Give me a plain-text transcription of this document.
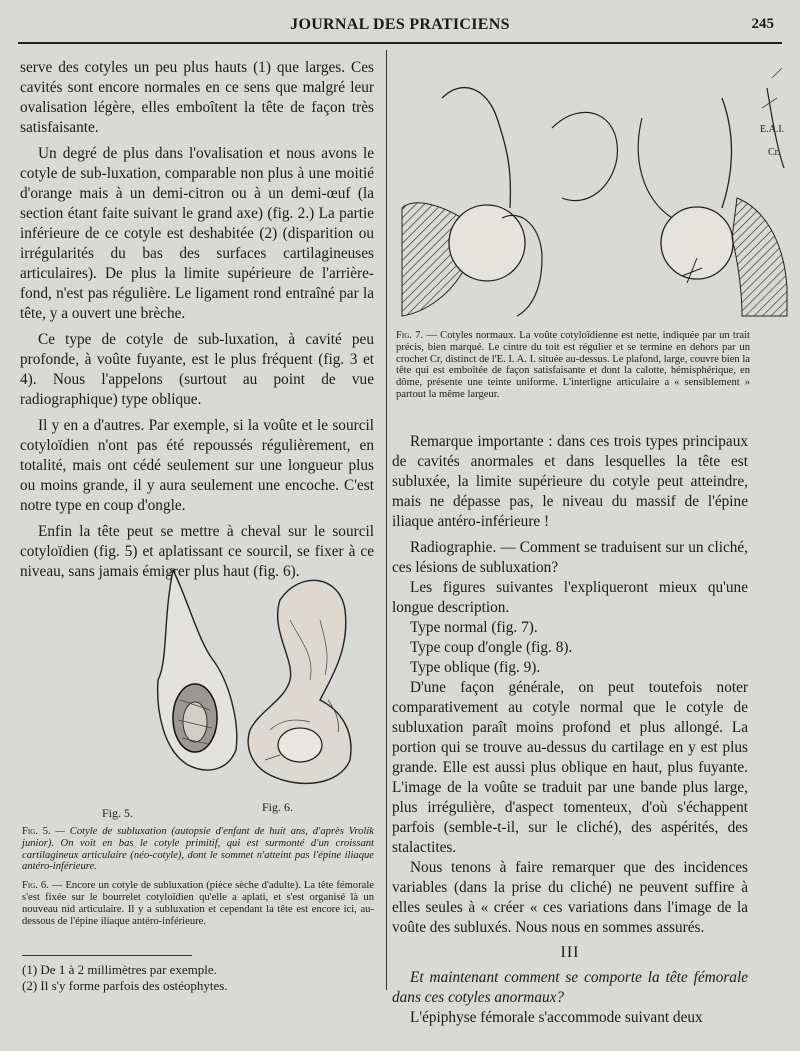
JOURNAL DES PRATICIENS	245

serve des cotyles un peu plus hauts (1) que larges. Ces cavités sont encore normales en ce sens que malgré leur ovalisation légère, elles emboîtent la tête de façon très satisfaisante.

Un degré de plus dans l'ovalisation et nous avons le cotyle de sub-luxation, comparable non plus à une moitié d'orange mais à un demi-citron ou à un demi-œuf (la section étant faite suivant le grand axe) (fig. 2.) La partie inférieure de ce cotyle est deshabitée (2) (disparition ou irrégularités du bas des surfaces cartilagineuses articulaires). De plus la limite supérieure de l'arrière-fond, n'est pas régulière. Le ligament rond entraîné par la tête, y a ouvert une brèche.

Ce type de cotyle de sub-luxation, à cavité peu profonde, à voûte fuyante, est le plus fréquent (fig. 3 et 4). Nous l'appelons (surtout au point de vue radiographique) type oblique.

Il y en a d'autres. Par exemple, si la voûte et le sourcil cotyloïdien n'ont pas été repoussés régulièrement, en totalité, mais ont cédé seulement sur une longueur plus ou moins grande, il y aura seulement une encoche. C'est notre type en coup d'ongle.

Enfin la tête peut se mettre à cheval sur le sourcil cotyloïdien (fig. 5) et aplatissant ce sourcil, se fixer à ce niveau, sans jamais émigrer plus haut (fig. 6).

Fig. 5.	Fig. 6.

Fig. 5. — Cotyle de subluxation (autopsie d'enfant de huit ans, d'après Vrolik junior). On voit en bas le cotyle primitif, qui est surmonté d'un croissant cartilagineux articulaire (néo-cotyle), dont le sommet n'atteint pas l'épine iliaque antéro-inférieure.

Fig. 6. — Encore un cotyle de subluxation (pièce sèche d'adulte). La tête fémorale s'est fixée sur le bourrelet cotyloïdien qu'elle a aplati, et s'est organisé là un nouveau nid articulaire. Il y a subluxation et cependant la tête est encore ici, au-dessous de l'épine iliaque antéro-inférieure.

(1) De 1 à 2 millimètres par exemple.

(2) Il s'y forme parfois des ostéophytes.

E.A.I.
Cr.

Fig. 7. — Cotyles normaux. La voûte cotyloïdienne est nette, indiquée par un trait précis, bien marqué. Le cintre du toit est régulier et se termine en dehors par un crochet Cr, distinct de l'E. I. A. I. située au-dessus. Le plafond, large, couvre bien la tête qui est emboîtée de façon satisfaisante et dont la calotte, hémisphérique, en dôme, présente une teinte uniforme. L'interligne articulaire a « sensiblement » partout la même largeur.

Remarque importante : dans ces trois types principaux de cavités anormales et dans lesquelles la tête est subluxée, la limite supérieure du cotyle peut atteindre, mais ne dépasse pas, le niveau du massif de l'épine iliaque antéro-inférieure !

Radiographie. — Comment se traduisent sur un cliché, ces lésions de subluxation?

Les figures suivantes l'expliqueront mieux qu'une longue description.

Type normal (fig. 7).

Type coup d'ongle (fig. 8).

Type oblique (fig. 9).

D'une façon générale, on peut toutefois noter comparativement au cotyle normal que le cotyle de subluxation paraît moins profond et plus allongé. La portion qui se trouve au-dessus du cartilage en y est plus grande. Elle est aussi plus oblique en haut, plus fuyante. L'image de la voûte se traduit par une bande plus large, plus irrégulière, d'aspect tomenteux, d'où s'échappent parfois (semble-t-il, sur le cliché), des aspérités, des stalactites.

Nous tenons à faire remarquer que des incidences variables (dans la prise du cliché) ne peuvent suffire à elles seules à « créer « ces variations dans l'image de la voûte des subluxés. Nous nous en sommes assurés.

III

Et maintenant comment se comporte la tête fémorale dans ces cotyles anormaux?

L'épiphyse fémorale s'accommode suivant deux
